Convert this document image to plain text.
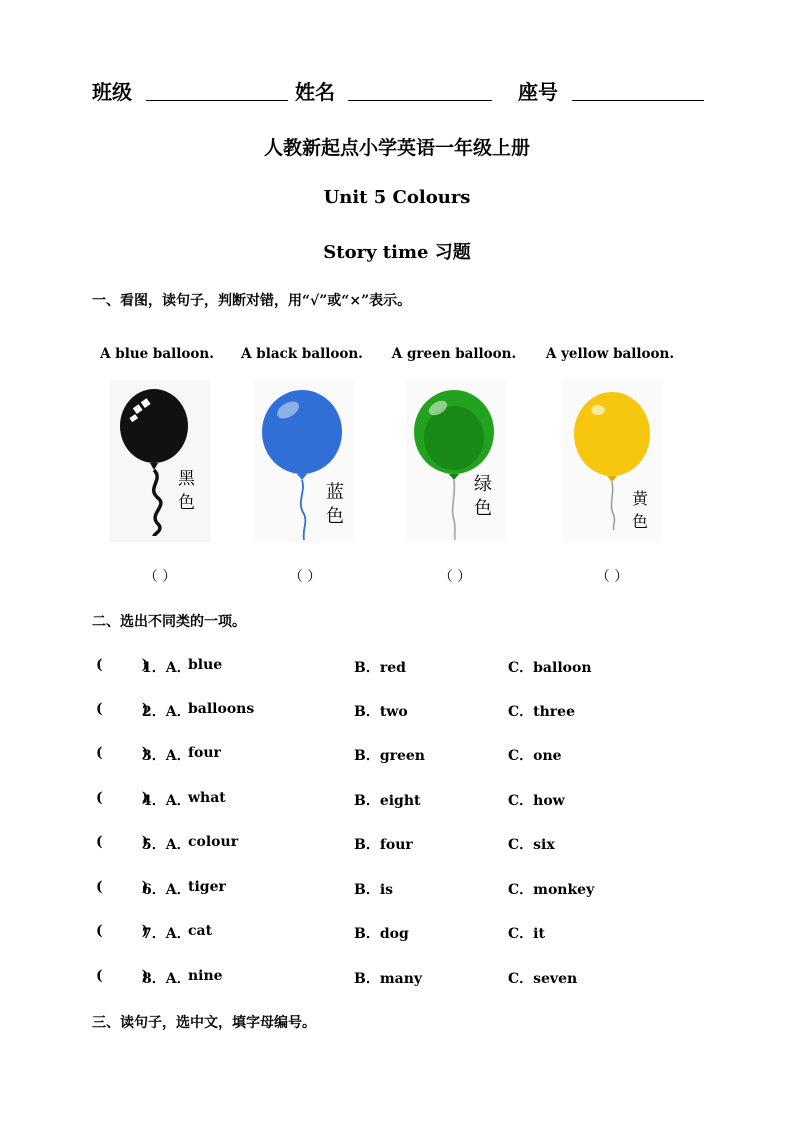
班级	姓名	座号
人教新起点小学英语一年级上册
Unit 5 Colours
Story time 习题
一、看图，读句子，判断对错，用“√”或“×”表示。
A blue balloon.	A black balloon.	A green balloon.	A yellow balloon.
黑
色	蓝
色
绿
色	黄
色
（ ）	（ ）	（ ）	（ ）
二、选出不同类的一项。
(        )
1．A．
blue	B．red	C．balloon
(        )
2．A．
balloons	B．two	C．three
(        )
3．A．
four	B．green	C．one
(        )
4．A．
what	B．eight	C．how
(        )
5．A．
colour	B．four	C．six
(        )
6．A．
tiger	B．is	C．monkey
(        )
7．A．
cat	B．dog	C．it
(        )
8．A．
nine	B．many	C．seven
三、读句子，选中文，填字母编号。
